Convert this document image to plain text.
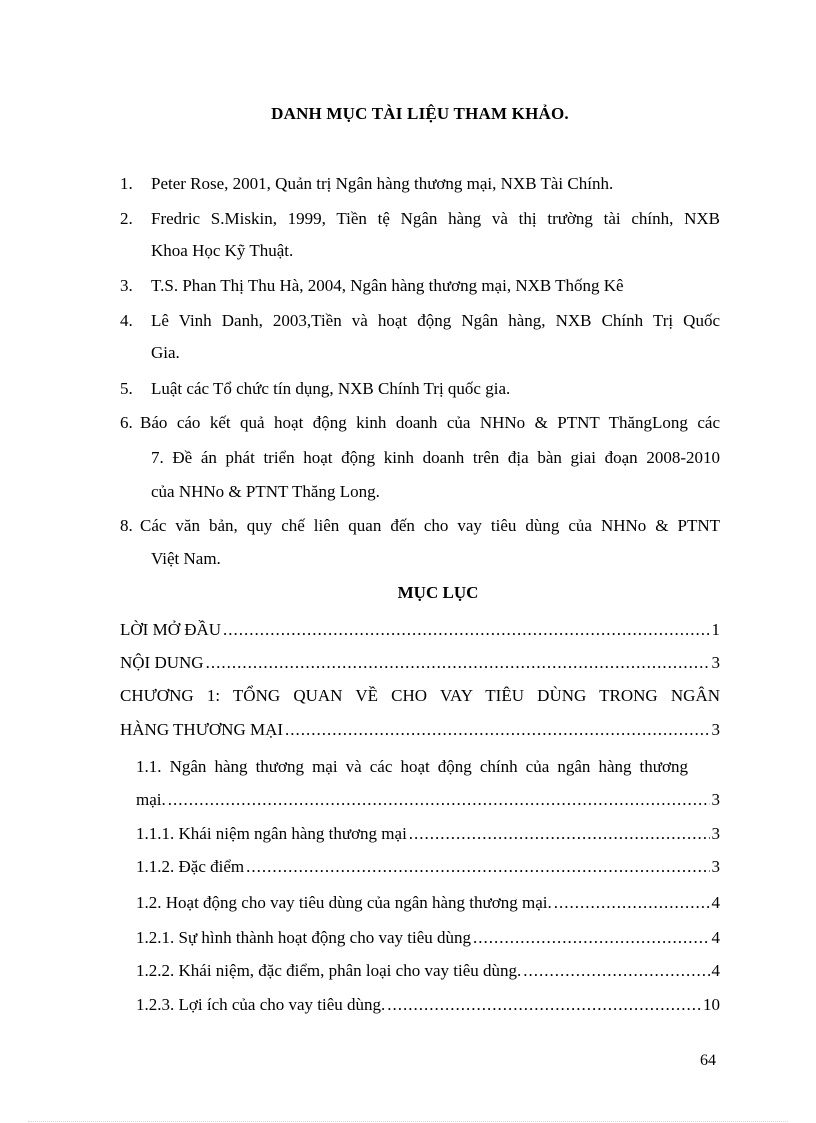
DANH MỤC TÀI LIỆU THAM KHẢO.
1.	Peter Rose, 2001, Quản trị Ngân hàng thương mại, NXB Tài Chính.
2.	Fredric S.Miskin, 1999, Tiền tệ Ngân hàng và thị trường tài chính, NXB
Khoa Học Kỹ Thuật.
3.	T.S. Phan Thị Thu Hà, 2004, Ngân hàng thương mại, NXB Thống Kê
4.	Lê Vinh Danh, 2003,Tiền và hoạt động Ngân hàng, NXB Chính Trị Quốc
Gia.
5.	Luật các Tổ chức tín dụng, NXB Chính Trị quốc gia.
6. Báo cáo kết quả hoạt động kinh doanh của NHNo & PTNT ThăngLong các
7. Đề án phát triển hoạt động kinh doanh trên địa bàn giai đoạn 2008-2010
của NHNo & PTNT Thăng Long.
8. Các văn bản, quy chế liên quan đến cho vay tiêu dùng của NHNo & PTNT
Việt Nam.
MỤC LỤC
LỜI MỞ ĐẦU .....	1
NỘI DUNG .....	3
CHƯƠNG 1: TỔNG QUAN VỀ CHO VAY TIÊU DÙNG TRONG NGÂN
HÀNG THƯƠNG MẠI .....	3
1.1. Ngân hàng thương mại và các hoạt động chính của ngân hàng thương
mại. .....	3
1.1.1. Khái niệm ngân hàng thương mại .....	3
1.1.2. Đặc điểm .....	3
1.2. Hoạt động cho vay tiêu dùng của ngân hàng thương mại. .....	4
1.2.1. Sự hình thành hoạt động cho vay tiêu dùng .....	4
1.2.2. Khái niệm, đặc điểm, phân loại cho vay tiêu dùng. .....	4
1.2.3. Lợi ích của cho vay tiêu dùng. .....	10
64
